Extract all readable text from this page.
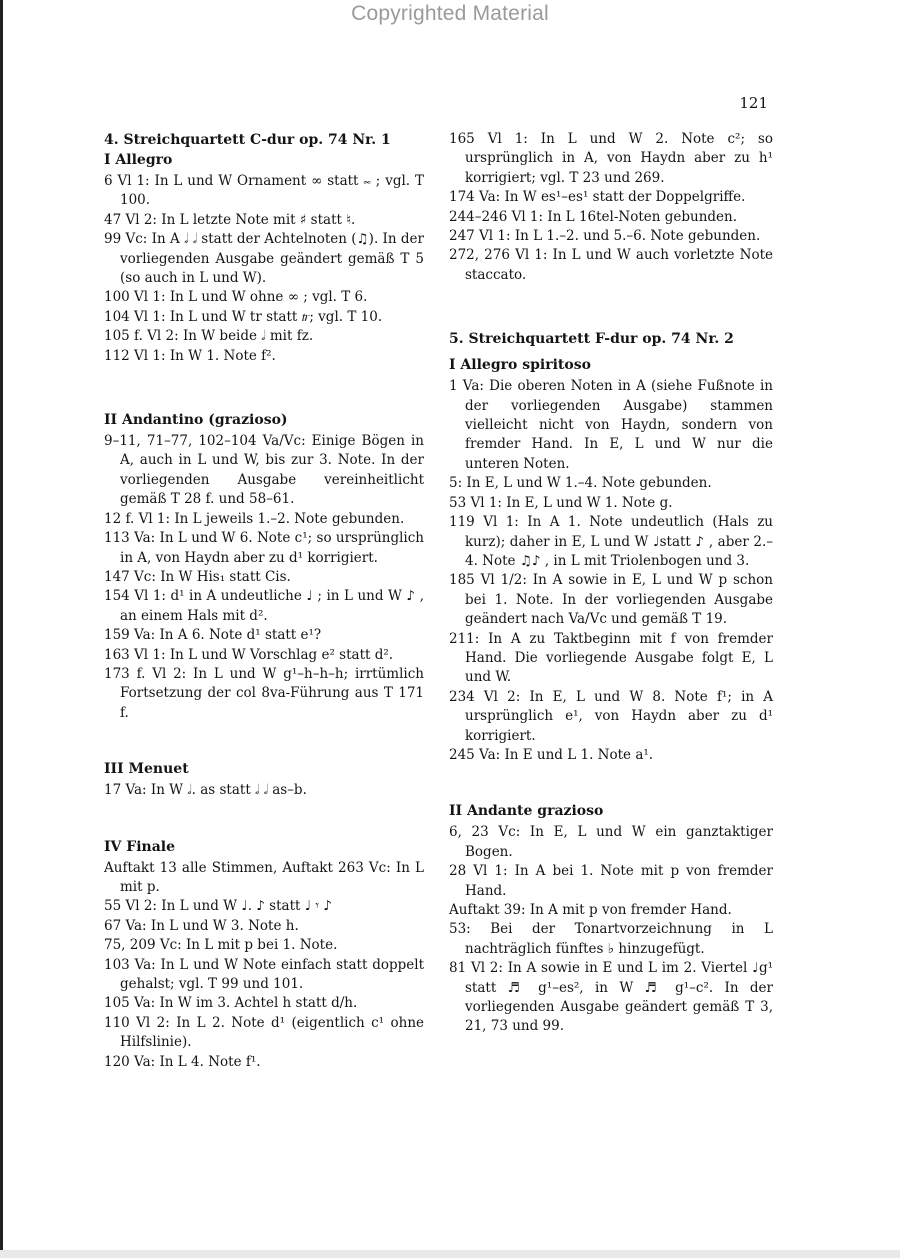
Copyrighted Material
121

4. Streichquartett C-dur op. 74 Nr. 1

I Allegro

6 Vl 1: In L und W Ornament ∞ statt 𝆗 ; vgl. T 100.

47 Vl 2: In L letzte Note mit ♯ statt ♮.

99 Vc: In A 𝅗𝅥 𝅗𝅥 statt der Achtelnoten (♫). In der vorliegenden Ausgabe geändert gemäß T 5 (so auch in L und W).

100 Vl 1: In L und W ohne ∞ ; vgl. T 6.

104 Vl 1: In L und W tr statt 𝆖; vgl. T 10.

105 f. Vl 2: In W beide 𝅗𝅥 mit fz.

112 Vl 1: In W 1. Note f².

II Andantino (grazioso)

9–11, 71–77, 102–104 Va/Vc: Einige Bögen in A, auch in L und W, bis zur 3. Note. In der vorliegenden Ausgabe vereinheitlicht gemäß T 28 f. und 58–61.

12 f. Vl 1: In L jeweils 1.–2. Note gebunden.

113 Va: In L und W 6. Note c¹; so ursprünglich in A, von Haydn aber zu d¹ korrigiert.

147 Vc: In W His₁ statt Cis.

154 Vl 1: d¹ in A undeutliche ♩ ; in L und W ♪ , an einem Hals mit d².

159 Va: In A 6. Note d¹ statt e¹?

163 Vl 1: In L und W Vorschlag e² statt d².

173 f. Vl 2: In L und W g¹–h–h–h; irrtümlich Fortsetzung der col 8va-Führung aus T 171 f.

III Menuet

17 Va: In W 𝅗𝅥. as statt 𝅗𝅥 𝅗𝅥 as–b.

IV Finale

Auftakt 13 alle Stimmen, Auftakt 263 Vc: In L mit p.

55 Vl 2: In L und W ♩. ♪ statt ♩ 𝄾 ♪

67 Va: In L und W 3. Note h.

75, 209 Vc: In L mit p bei 1. Note.

103 Va: In L und W Note einfach statt doppelt gehalst; vgl. T 99 und 101.

105 Va: In W im 3. Achtel h statt d/h.

110 Vl 2: In L 2. Note d¹ (eigentlich c¹ ohne Hilfslinie).

120 Va: In L 4. Note f¹.

165 Vl 1: In L und W 2. Note c²; so ursprünglich in A, von Haydn aber zu h¹ korrigiert; vgl. T 23 und 269.

174 Va: In W es¹–es¹ statt der Doppelgriffe.

244–246 Vl 1: In L 16tel-Noten gebunden.

247 Vl 1: In L 1.–2. und 5.–6. Note gebunden.

272, 276 Vl 1: In L und W auch vorletzte Note staccato.

5. Streichquartett F-dur op. 74 Nr. 2

I Allegro spiritoso

1 Va: Die oberen Noten in A (siehe Fußnote in der vorliegenden Ausgabe) stammen vielleicht nicht von Haydn, sondern von fremder Hand. In E, L und W nur die unteren Noten.

5: In E, L und W 1.–4. Note gebunden.

53 Vl 1: In E, L und W 1. Note g.

119 Vl 1: In A 1. Note undeutlich (Hals zu kurz); daher in E, L und W ♩statt ♪ , aber 2.–4. Note ♫♪ , in L mit Triolenbogen und 3.

185 Vl 1/2: In A sowie in E, L und W p schon bei 1. Note. In der vorliegenden Ausgabe geändert nach Va/Vc und gemäß T 19.

211: In A zu Taktbeginn mit f von fremder Hand. Die vorliegende Ausgabe folgt E, L und W.

234 Vl 2: In E, L und W 8. Note f¹; in A ursprünglich e¹, von Haydn aber zu d¹ korrigiert.

245 Va: In E und L 1. Note a¹.

II Andante grazioso

6, 23 Vc: In E, L und W ein ganztaktiger Bogen.

28 Vl 1: In A bei 1. Note mit p von fremder Hand.

Auftakt 39: In A mit p von fremder Hand.

53: Bei der Tonartvorzeichnung in L nachträglich fünftes ♭ hinzugefügt.

81 Vl 2: In A sowie in E und L im 2. Viertel ♩g¹ statt ♬ g¹–es², in W ♬ g¹–c². In der vorliegenden Ausgabe geändert gemäß T 3, 21, 73 und 99.
